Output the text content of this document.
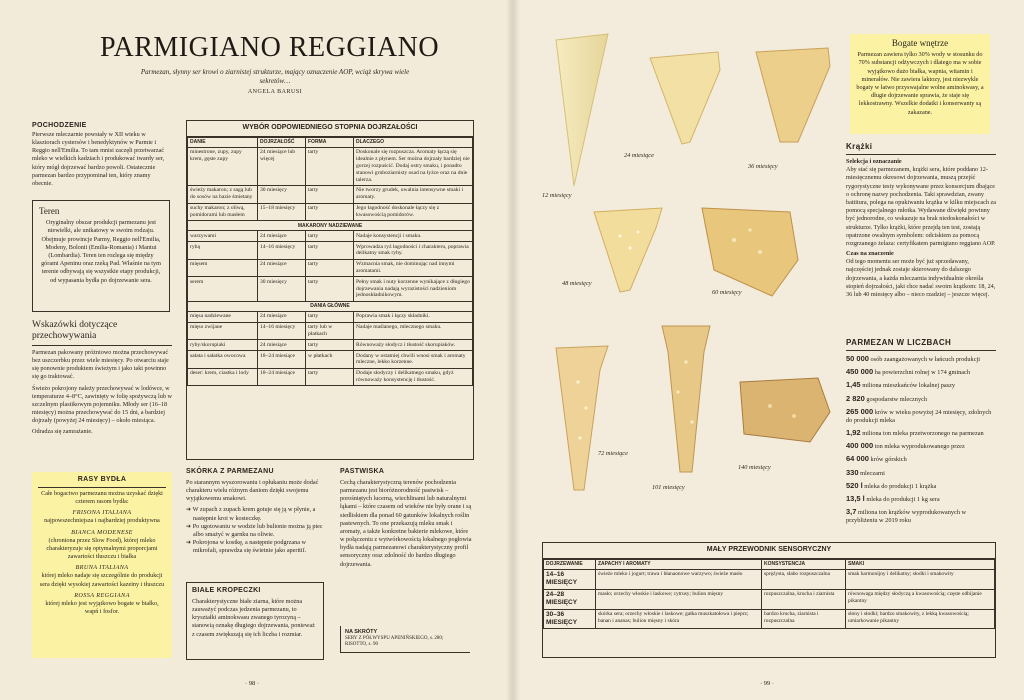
PARMIGIANO REGGIANO
Parmezan, słynny ser krowi o ziarnistej strukturze, mający oznaczenie AOP, wciąż skrywa wiele sekretów…
ANGELA BARUSI
POCHODZENIE
Pierwsze mleczarnie powstały w XII wieku w klasztorach cystersów i benedyktynów w Parmie i Reggio nell'Emilia. To tam mnisi zaczęli przetwarzać mleko w wielkich kadziach i produkować twardy ser, który mógł dojrzewać bardzo powoli. Ostatecznie parmezan bardzo przypominał ten, który znamy obecnie.
Teren
Oryginalny obszar produkcji parmezanu jest niewielki, ale unikatowy w swoim rodzaju. Obejmuje prowincje Parmy, Reggio nell'Emilia, Modeny, Bolonii (Emilia-Romania) i Mantui (Lombardia). Teren ten rozlega się między górami Apeninu oraz rzeką Pad. Właśnie na tym terenie odbywają się wszystkie etapy produkcji, od wypasania bydła po dojrzewanie sera.
Wskazówki dotyczące przechowywania
Parmezan pakowany próżniowo można przechowywać bez uszczerbku przez wiele miesięcy. Po otwarciu staje się ponownie produktem świeżym i jako taki powinno się go traktować.
Świeżo pokrojony należy przechowywać w lodówce, w temperaturze 4–8°C, zawinięty w folię spożywczą lub w szczelnym plastikowym pojemniku. Młody ser (16–18 miesięcy) można przechowywać do 15 dni, a bardziej dojrzały (powyżej 24 miesięcy) – około miesiąca.
Odradza się zamrażanie.
RASY BYDŁA
Całe bogactwo parmezanu można uzyskać dzięki czterem rasom bydła:
FRISONA ITALIANA
najpowszechniejsza i najbardziej produktywna
BIANCA MODENESE
(chroniona przez Slow Food), której mleko charakteryzuje się optymalnymi proporcjami zawartości tłuszczu i białka
BRUNA ITALIANA
której mleko nadaje się szczególnie do produkcji sera dzięki wysokiej zawartości kazeiny i tłuszczu
ROSSA REGGIANA
której mleko jest wyjątkowo bogate w białko, wapń i fosfor.
WYBÓR ODPOWIEDNIEGO STOPNIA DOJRZAŁOŚCI
DANIE	DOJRZAŁOŚĆ	FORMA	DLACZEGO
minestrone, zupy, zupy krem, gęste zupy	24 miesiące lub więcej	tarty	Doskonale się rozpuszcza. Aromaty łączą się idealnie z płynem. Ser można dojrzały bardziej nie gorzej rozpuścić. Dodaj ostry smaku, i ponadto stanowi gruboziarnisty osad na łyżce oraz na dnie talerza.
świeży makaron; z sagą lub do sosów na bazie śmietany	30 miesięcy	tarty	Nie tworzy grudek, uwalnia intensywne smaki i aromaty.
suchy makaron; z oliwą, pomidorami lub masłem	15–18 miesięcy	tarty	Jego łagodność doskonale łączy się z kwasowością pomidorów.
MAKARONY NADZIEWANE			
warzywami	24 miesiące	tarty	Nadaje konsystencji i smaku.
rybą	14–16 miesięcy	tarty	Wprowadza ryż łagodności i charakteru, poprawia delikatny smak ryby.
mięsem	24 miesiące	tarty	Wzmacnia smak, nie dominując nad innymi aromatami.
serem	30 miesięcy	tarty	Pełny smak i nuty korzenne wynikające z długiego dojrzewania nadają wyrazistości nadzieniom jednoskładnikowym.
DANIA GŁÓWNE			
mięsa nadziewane	24 miesiące	tarty	Poprawia smak i łączy składniki.
mięso zwijane	14–16 miesięcy	tarty lub w płatkach	Nadaje maślanego, mlecznego smaku.
ryby/skorupiaki	24 miesiące	tarty	Równoważy słodycz i tłustość skorupiaków.
sałata i sałatka owocowa	18–24 miesiące	w płatkach	Dodany w ostatniej chwili wnosi smak i aromaty mleczne, lekko korzenne.
deser: krem, ciastka i lody	18–24 miesiące	tarty	Dodaje słodyczy i delikatnego smaku, gdyż równoważy konsystencję i tłustość.
SKÓRKA Z PARMEZANU
Po starannym wyszorowaniu i opłukaniu może dodać charakteru wielu różnym daniom dzięki swojemu wyjątkowemu smakowi.
➔ W zupach z zupach krem gotuje się ją w płynie, a następnie kroi w kosteczkę.
➔ Po ugotowaniu w wodzie lub bulionie można ją piec albo smażyć w garnku na oliwie.
➔ Pokrojona w kostkę, a następnie podgrzana w mikrofali, sprawdza się świetnie jako aperitif.
BIAŁE KROPECZKI
Charakterystyczne białe ziarna, które można zauważyć podczas jedzenia parmezanu, to kryształki aminokwasu zwanego tyrozyną – stanowią oznakę długiego dojrzewania, ponieważ z czasem zwiększają się ich liczba i rozmiar.
PASTWISKA
Cechą charakterystyczną terenów pochodzenia parmezanu jest bioróżnorodność pastwisk – porośniętych lucerną, wiechlinami lub naturalnymi łąkami – które czasem od wieków nie były orane i są siedliskiem dla ponad 60 gatunków lokalnych roślin pastewnych. To one przekazują mleku smak i aromaty, a także konkretne bakterie mlekowe, które w połączeniu z wytwórkowością lokalnego pogłowia bydła nadają parmezanowi charakterystyczny profil sensoryczny oraz zdolność do bardzo długiego dojrzewania.
NA SKRÓTY
SERY Z PÓŁWYSPU APENIŃSKIEGO, s. 280; RISOTTO, s. 90
· 98 ·
12 miesięcy
24 miesiące
36 miesięcy
48 miesięcy
60 miesięcy
72 miesiące
101 miesięcy
140 miesięcy
Bogate wnętrze
Parmezan zawiera tylko 30% wody w stosunku do 70% substancji odżywczych i dlatego ma w sobie wyjątkowo dużo białka, wapnia, witamin i minerałów. Nie zawiera laktozy, jest niezwykle bogaty w łatwo przyswajalne wolne aminokwasy, a długie dojrzewanie sprawia, że staje się lekkostrawny. Wszelkie dodatki i konserwanty są zakazane.
Krążki
Selekcja i oznaczanie
Aby stać się parmezanem, krążki sera, które poddano 12-miesięcznemu okresowi dojrzewania, muszą przejść rygorystyczne testy wykonywane przez konsorcjum dbające o ochronę nazwy pochodzenia. Taki sprawdzian, zwany battitura, polega na opukiwaniu krążka w kilku miejscach za pomocą specjalnego młotka. Wydawane dźwięki powinny być jednorodne, co wskazuje na brak niedoskonałości w strukturze. Tylko krążki, które przejdą ten test, zostają opatrzone owalnym symbolem: odciskiem za pomocą rozgrzanego żelaza: certyfikatem parmigiano reggiano AOP.
Czas na znaczenie
Od tego momentu ser może być już sprzedawany, najczęściej jednak zostaje skierowany do dalszego dojrzewania, a każda mleczarnia indywidualnie określa stopień dojrzałości, jaki chce nadać swoim krążkom: 18, 24, 36 lub 40 miesięcy albo – nieco rzadziej – jeszcze więcej.
PARMEZAN W LICZBACH
50 000 osób zaangażowanych w łańcuch produkcji
450 000 ha powierzchni rolnej w 174 gminach
1,45 miliona mieszkańców lokalnej paszy
2 820 gospodarstw mlecznych
265 000 krów w wieku powyżej 24 miesięcy, zdolnych do produkcji mleka
1,92 miliona ton mleka przetworzonego na parmezan
400 000 ton mleka wyprodukowanego przez
64 000 krów górskich
330 mleczarni
520 l mleka do produkcji 1 krążka
13,5 l mleka do produkcji 1 kg sera
3,7 miliona ton krążków wyprodukowanych w przybliżeniu w 2019 roku
MAŁY PRZEWODNIK SENSORYCZNY
DOJRZEWANIE	ZAPACHY I AROMATY	KONSYSTENCJA	SMAKI
14–16 MIESIĘCY	świeże mleko i jogurt; trawa i błanaonowe warzywo; świeże masło	sprężysta, słabo rozpuszczalna	smak harmonijny i delikatny; słodki i smakowity
24–28 MIESIĘCY	masło; orzechy włoskie i laskowe; cytrusy; bulion mięsny	rozpuszczalna, krucha i ziarnista	równowaga między słodyczą a kwasowością; częste odbijanie pikantny
30–36 MIESIĘCY	skórka sera; orzechy włoskie i laskowe; gałka muszkatołowa i pieprz; banan i ananas; bulion mięsny i skóra	bardzo krucha, ziarnista i rozpuszczalna	słony i słodki; bardzo smakowity, z lekką kwasowością; umiarkowanie pikantny
· 99 ·
